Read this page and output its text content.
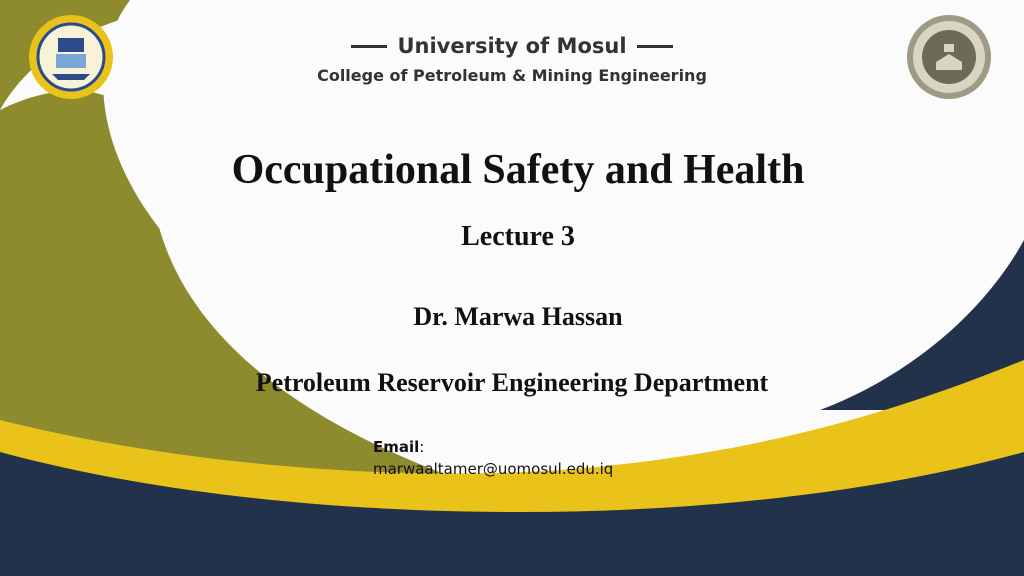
University of Mosul
College of Petroleum & Mining Engineering
Occupational Safety and Health
Lecture 3
Dr. Marwa Hassan
Petroleum Reservoir Engineering Department
Email:
marwaaltamer@uomosul.edu.iq
